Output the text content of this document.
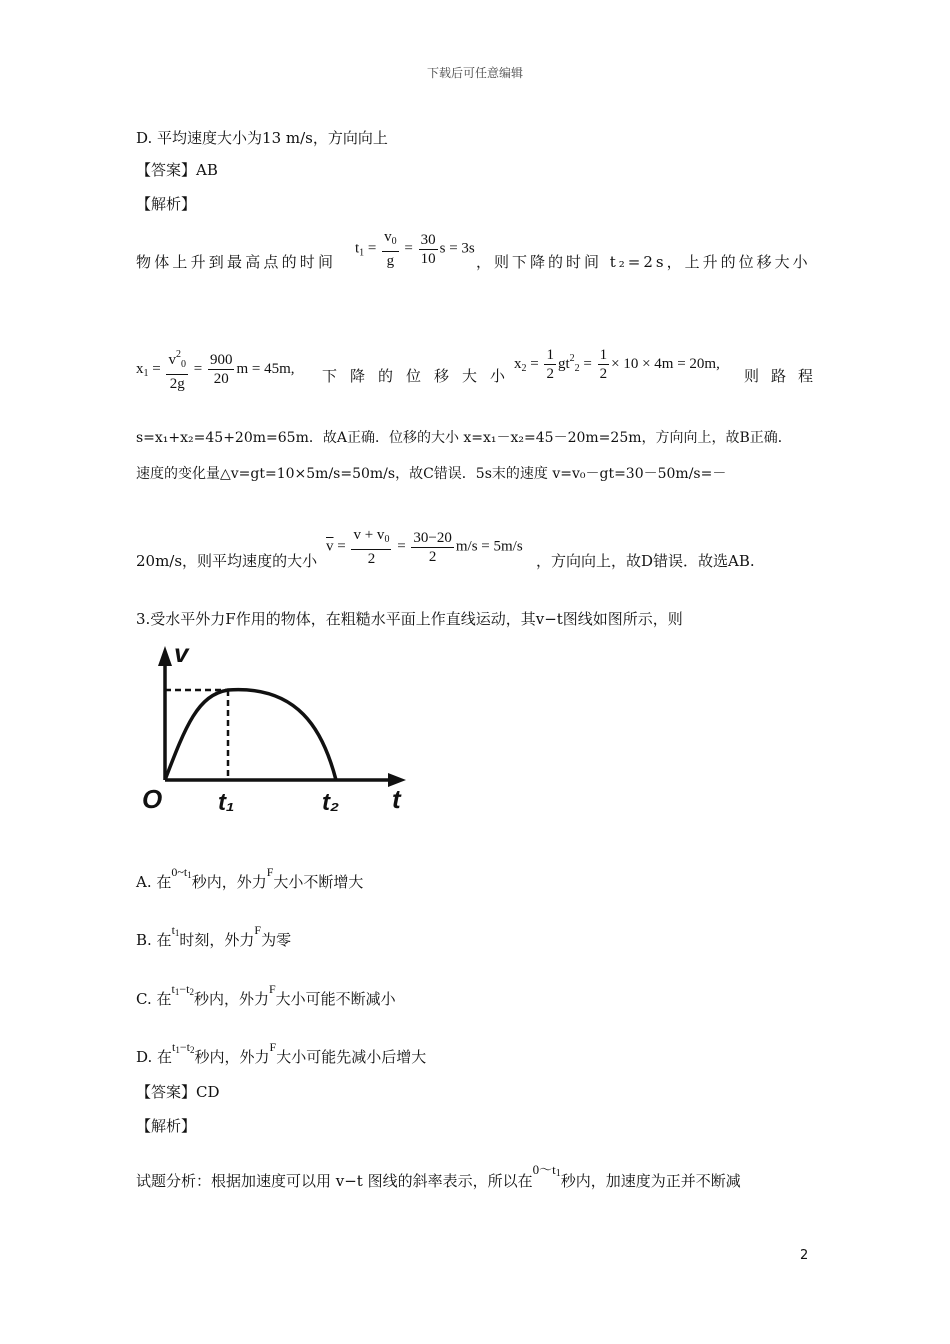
下载后可任意编辑
D. 平均速度大小为13 m/s，方向向上
【答案】AB
【解析】
物体上升到最高点的时间
$t_1 = \frac{v_0}{g} = \frac{30}{10}$ s = 3s
，则下降的时间 t₂=2s，上升的位移大小
$x_1 = \frac{v^2_0}{2g} = \frac{900}{20}$ m = 45m, 下降的位移大小
$x_2 = \frac{1}{2} gt^2_2 = \frac{1}{2} \times 10 \times 4m = 20m$,
则路程
s=x₁+x₂=45+20m=65m．故A正确．位移的大小 x=x₁－x₂=45－20m=25m，方向向上，故B正确．
速度的变化量△v=gt=10×5m/s=50m/s，故C错误．5s末的速度 v=v₀－gt=30－50m/s=－
20m/s，则平均速度的大小
$\overline{v} = \frac{v + v_0}{2} = \frac{30-20}{2} m/s = 5m/s$
，方向向上，故D错误．故选AB.
3.受水平外力F作用的物体，在粗糙水平面上作直线运动，其v−t图线如图所示，则
v
O t₁	t₂ t
A. 在$^{0\sim t1}$秒内，外力$^F$大小不断增大
B. 在$^{t1}$时刻，外力$^F$为零
C. 在$^{t1-t2}$秒内，外力$^F$大小可能不断减小
D. 在$^{t1-t2}$秒内，外力$^F$大小可能先减小后增大
【答案】CD
【解析】
试题分析：根据加速度可以用 v−t 图线的斜率表示，所以在0～t1秒内，加速度为正并不断减
2
